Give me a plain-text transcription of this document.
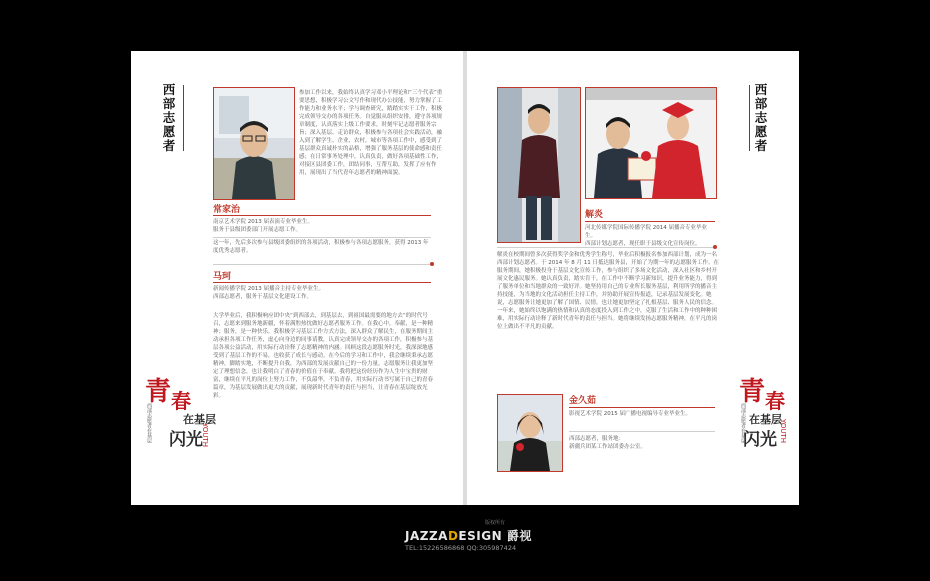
西
部
志
愿
者
参加工作以来，我始终认真学习邓小平理论和“三个代表”重要思想，积极学习公文写作和现代办公技能，努力掌握了工作能力和业务水平；学与调查研究，踏踏实实干工作，积极完成领导交办的各项任务。自觉服从组织安排，遵守各项规章制度，认真落实上级工作要求，时刻牢记志愿者服务宗旨；深入基层、走访群众，积极参与各项社会实践活动，融入到了解学生、企业、农村，城市等各项工作中，感受到了基层群众真诚朴实的品格，增强了服务基层的使命感和责任感；在日常事务处理中，认真负责，做好各项基础性工作，对接区县团委工作，团结同事，互帮互助，发挥了应有作用，展现出了当代青年志愿者的精神面貌。
常家治
南京艺术学院 2013 届表演专业毕业生。
服务于县级团委部门开展志愿工作。
这一年，先后多次参与县级团委组织的各项活动，积极参与各项志愿服务，获得 2013 年度优秀志愿者。
马珂
新闻传播学院 2013 届播音主持专业毕业生。
西部志愿者，服务于基层文化建设工作。
大学毕业后，我积极响应团中央“到西部去，到基层去，到祖国最需要的地方去”的时代号召，志愿来到服务地新疆，怀着满腔热忱做好志愿者服务工作。在我心中，奉献，是一种精神；服务，是一种快乐。我积极学习基层工作方式方法，深入群众了解民生，在服务期间主动承担各项工作任务，虚心向身边的同事请教，认真完成领导交办的各项工作，积极参与基层各项公益活动，用实际行动诠释了志愿精神的内涵。回顾这段志愿服务时光，我深深地感受到了基层工作的不易，也收获了成长与感动。在今后的学习和工作中，我会继续秉承志愿精神，脚踏实地，不断提升自我，为西部的发展贡献自己的一份力量。志愿服务让我更加坚定了理想信念，也让我明白了青春的价值在于奉献。我将把这份经历作为人生中宝贵的财富，继续在平凡的岗位上努力工作，不负韶华，不负青春，用实际行动书写属于自己的青春篇章，为基层发展做出更大的贡献，展现新时代青年的责任与担当，让青春在基层绽放光彩。
青 春
在基层
闪光
YOUTH
西部志愿者在基层
西
部
志
愿
者
解炎
河北传媒学院国际传播学院 2014 届播音专业毕业生。
西部计划志愿者，现任职于县级文化宣传岗位。
解炎在校期间曾多次获得奖学金和优秀学生称号，毕业后积极报名参加西部计划，成为一名西部计划志愿者。于 2014 年 8 月 11 日抵达服务县，开始了为期一年的志愿服务工作。在服务期间，她积极投身于基层文化宣传工作，参与组织了多场文化活动，深入社区和乡村开展文化惠民服务。她认真负责，踏实肯干，在工作中不断学习新知识，提升业务能力，得到了服务单位和当地群众的一致好评。她坚持用自己的专业所长服务基层，利用所学的播音主持技能，为当地的文化活动担任主持工作，并协助开展宣传报道，记录基层发展变化。她说，志愿服务让她更加了解了国情、民情，也让她更加坚定了扎根基层、服务人民的信念。一年来，她始终以饱满的热情和认真的态度投入到工作之中，克服了生活和工作中的种种困难，用实际行动诠释了新时代青年的责任与担当。她将继续发扬志愿服务精神，在平凡的岗位上做出不平凡的贡献。
金久茹
影视艺术学院 2015 届广播电视编导专业毕业生。
西部志愿者，服务地：
新疆兵团某工作站团委办公室。
青 春
在基层
闪光 YOUTH
西部志愿者在基层
版权所有
JAZZADESIGN 爵视
TEL:15226586868 QQ:305987424
